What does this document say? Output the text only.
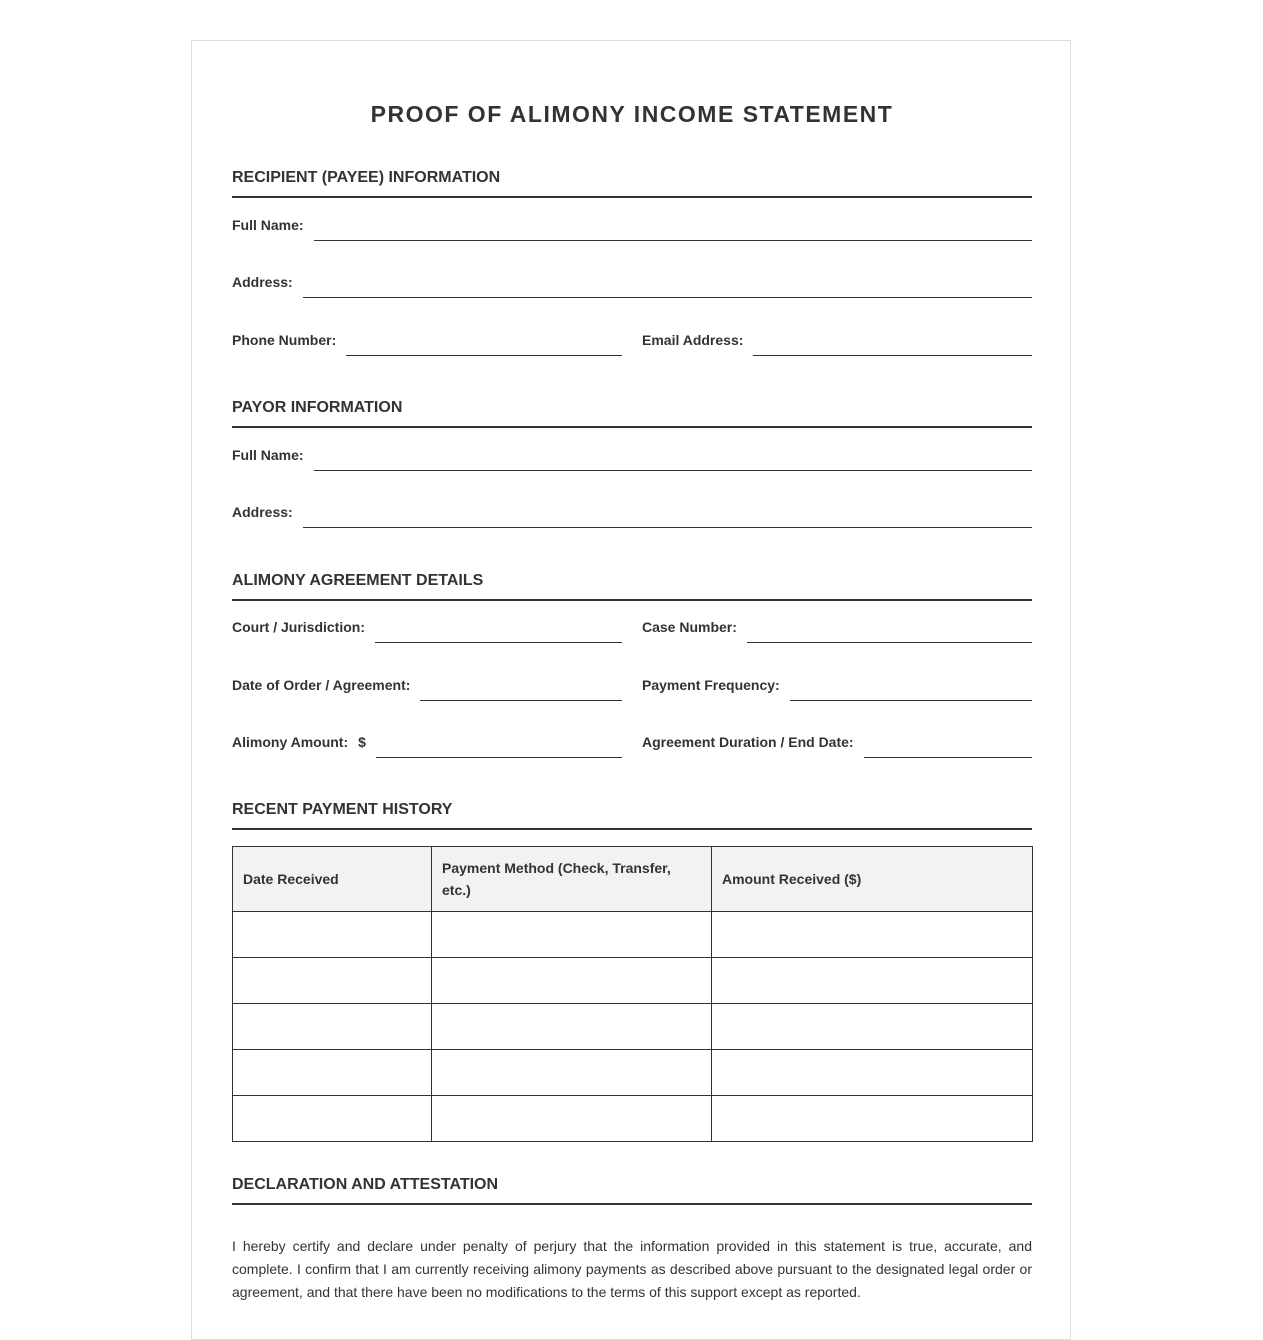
PROOF OF ALIMONY INCOME STATEMENT
RECIPIENT (PAYEE) INFORMATION
Full Name:
Address:
Phone Number:	Email Address:
PAYOR INFORMATION
Full Name:
Address:
ALIMONY AGREEMENT DETAILS
Court / Jurisdiction:	Case Number:
Date of Order / Agreement:	Payment Frequency:
Alimony Amount: $	Agreement Duration / End Date:
RECENT PAYMENT HISTORY
Date Received	Payment Method (Check, Transfer, etc.)	Amount Received ($)

DECLARATION AND ATTESTATION
I hereby certify and declare under penalty of perjury that the information provided in this statement is true, accurate, and complete. I confirm that I am currently receiving alimony payments as described above pursuant to the designated legal order or agreement, and that there have been no modifications to the terms of this support except as reported.
